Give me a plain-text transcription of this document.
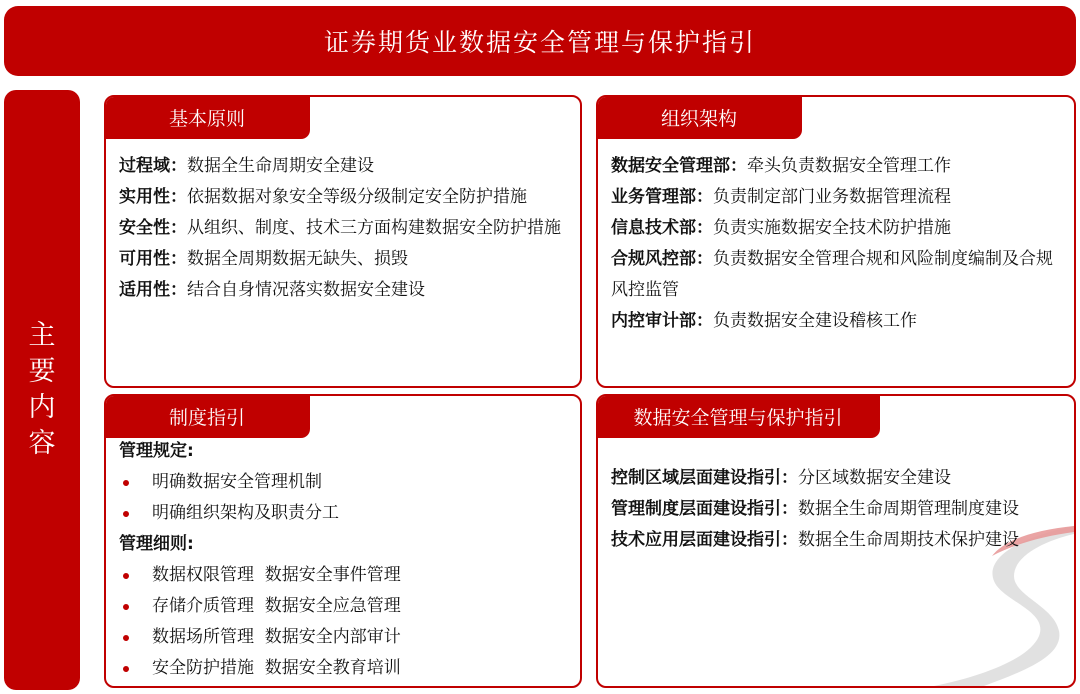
证券期货业数据安全管理与保护指引
主
要
内
容
基本原则

过程域：数据全生命周期安全建设

实用性：依据数据对象安全等级分级制定安全防护措施

安全性：从组织、制度、技术三方面构建数据安全防护措施

可用性：数据全周期数据无缺失、损毁

适用性：结合自身情况落实数据安全建设

组织架构

数据安全管理部：牵头负责数据安全管理工作

业务管理部：负责制定部门业务数据管理流程

信息技术部：负责实施数据安全技术防护措施

合规风控部：负责数据安全管理合规和风险制度编制及合规风控监管

内控审计部：负责数据安全建设稽核工作

制度指引

管理规定:

明确数据安全管理机制

明确组织架构及职责分工

管理细则:

数据权限管理  数据安全事件管理

存储介质管理  数据安全应急管理

数据场所管理  数据安全内部审计

安全防护措施  数据安全教育培训

数据安全管理与保护指引

控制区域层面建设指引：分区域数据安全建设

管理制度层面建设指引：数据全生命周期管理制度建设

技术应用层面建设指引：数据全生命周期技术保护建设
